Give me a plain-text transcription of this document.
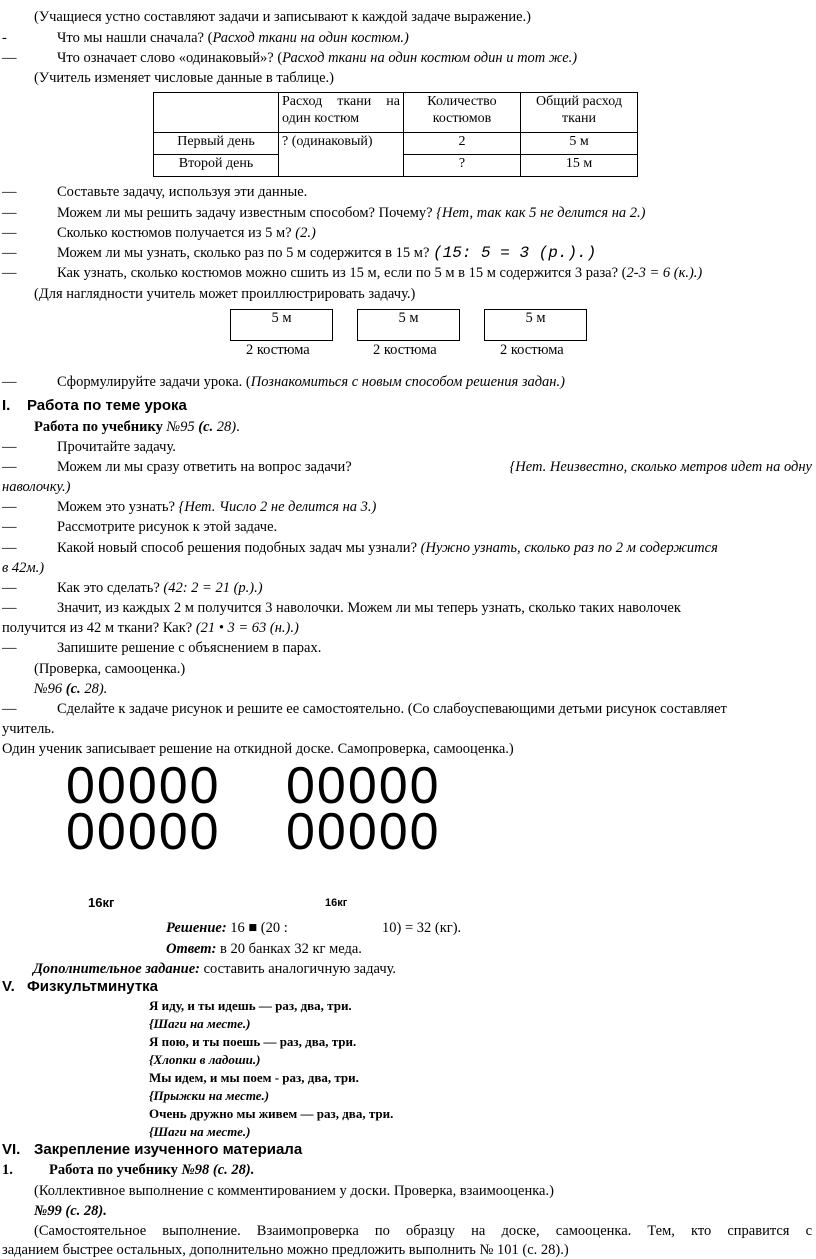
(Учащиеся устно составляют задачи и записывают к каждой задаче выражение.)
-	Что мы нашли сначала? (Расход ткани на один костюм.)
—	Что означает слово «одинаковый»? (Расход ткани на один костюм один и тот же.)
(Учитель изменяет числовые данные в таблице.)
	Расход ткани на один костюм	Количество костюмов	Общий расход ткани
Первый день	? (одинаковый)	2	5 м
Второй день		?	15 м
—	Составьте задачу, используя эти данные.
—	Можем ли мы решить задачу известным способом? Почему? {Нет, так как 5 не делится на 2.)
—	Сколько костюмов получается из 5 м? (2.)
—	Можем ли мы узнать, сколько раз по 5 м содержится в 15 м? (15: 5 = 3 (р.).)
—	Как узнать, сколько костюмов можно сшить из 15 м, если по 5 м в 15 м содержится 3 раза? (2-3 = 6 (к.).)
(Для наглядности учитель может проиллюстрировать задачу.)
5 м	5 м	5 м
2 костюма	2 костюма	2 костюма
—	Сформулируйте задачи урока. (Познакомиться с новым способом решения задан.)
I. Работа по теме урока
Работа по учебнику №95 (с. 28).
—	Прочитайте задачу.
—	Можем ли мы сразу ответить на вопрос задачи?	{Нет. Неизвестно, сколько метров идет на одну
наволочку.)
—	Можем это узнать? {Нет. Число 2 не делится на 3.)
—	Рассмотрите рисунок к этой задаче.
—	Какой новый способ решения подобных задач мы узнали? (Нужно узнать, сколько раз по 2 м содержится
в 42м.)
—	Как это сделать? (42: 2 = 21 (р.).)
—	Значит, из каждых 2 м получится 3 наволочки. Можем ли мы теперь узнать, сколько таких наволочек
получится из 42 м ткани? Как? (21 • 3 = 63 (н.).)
—	Запишите решение с объяснением в парах.
(Проверка, самооценка.)
№96 (с. 28).
—	Сделайте к задаче рисунок и решите ее самостоятельно. (Со слабоуспевающими детьми рисунок составляет
учитель.
Один ученик записывает решение на откидной доске. Самопроверка, самооценка.)
00000 00000
00000 00000
16кг	16кг
Решение: 16 ■ (20 :	10) = 32 (кг).
Ответ: в 20 банках 32 кг меда.
Дополнительное задание: составить аналогичную задачу.
V. Физкультминутка
Я иду, и ты идешь — раз, два, три.
{Шаги на месте.)
Я пою, и ты поешь — раз, два, три.
{Хлопки в ладоши.)
Мы идем, и мы поем - раз, два, три.
{Прыжки на месте.)
Очень дружно мы живем — раз, два, три.
{Шаги на месте.)
VI. Закрепление изученного материала
1. Работа по учебнику №98 (с. 28).
(Коллективное выполнение с комментированием у доски. Проверка, взаимооценка.)
№99 (с. 28).
(Самостоятельное выполнение. Взаимопроверка по образцу на доске, самооценка. Тем, кто справится с
заданием быстрее остальных, дополнительно можно предложить выполнить № 101 (с. 28).)
